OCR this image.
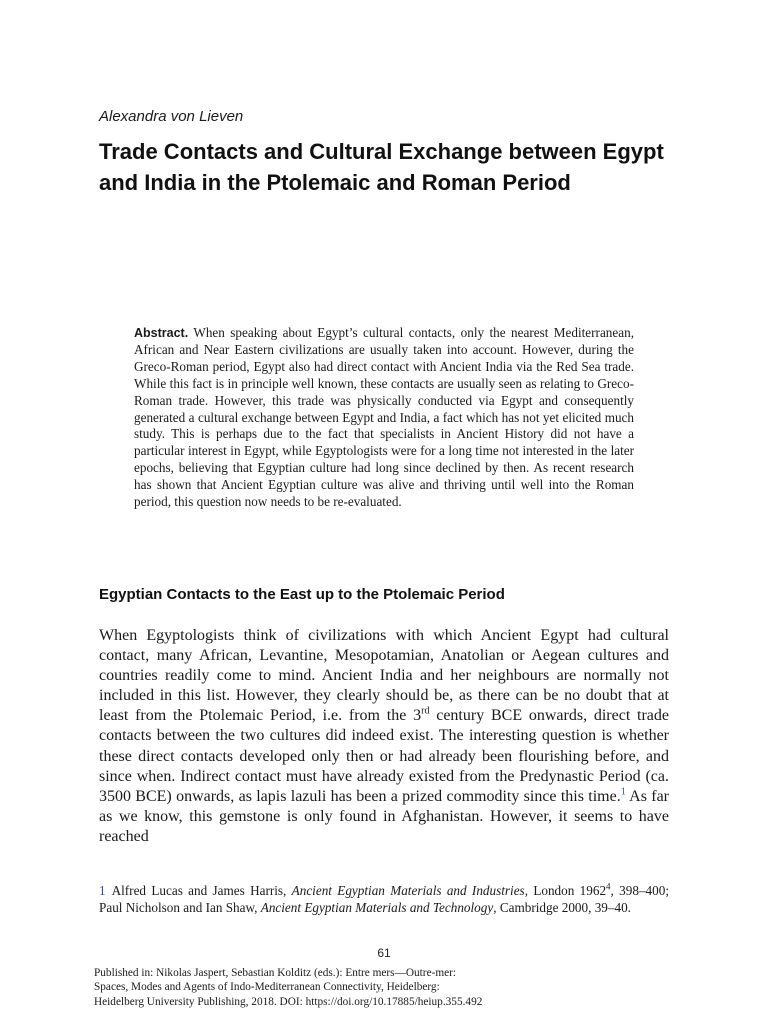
Alexandra von Lieven
Trade Contacts and Cultural Exchange between Egypt and India in the Ptolemaic and Roman Period

Abstract. When speaking about Egypt’s cultural contacts, only the nearest Mediterranean, African and Near Eastern civilizations are usually taken into account. However, during the Greco-Roman period, Egypt also had direct contact with Ancient India via the Red Sea trade. While this fact is in principle well known, these contacts are usually seen as relating to Greco-Roman trade. However, this trade was physically conducted via Egypt and consequently generated a cultural exchange between Egypt and India, a fact which has not yet elicited much study. This is perhaps due to the fact that specialists in Ancient History did not have a particular interest in Egypt, while Egyptologists were for a long time not interested in the later epochs, believing that Egyptian culture had long since declined by then. As recent research has shown that Ancient Egyptian culture was alive and thriving until well into the Roman period, this question now needs to be re-evaluated.

Egyptian Contacts to the East up to the Ptolemaic Period

When Egyptologists think of civilizations with which Ancient Egypt had cultural contact, many African, Levantine, Mesopotamian, Anatolian or Aegean cultures and countries readily come to mind. Ancient India and her neighbours are normally not included in this list. However, they clearly should be, as there can be no doubt that at least from the Ptolemaic Period, i.e. from the 3rd century BCE onwards, direct trade contacts between the two cultures did indeed exist. The interesting question is whether these direct contacts developed only then or had already been flourishing before, and since when. Indirect contact must have already existed from the Predynastic Period (ca. 3500 BCE) onwards, as lapis lazuli has been a prized commodity since this time.$^1$ As far as we know, this gemstone is only found in Afghanistan. However, it seems to have reached

1 Alfred Lucas and James Harris, Ancient Egyptian Materials and Industries, London 1962$^4$, 398–400; Paul Nicholson and Ian Shaw, Ancient Egyptian Materials and Technology, Cambridge 2000, 39–40.

61
Published in: Nikolas Jaspert, Sebastian Kolditz (eds.): Entre mers—Outre-mer:
Spaces, Modes and Agents of Indo-Mediterranean Connectivity, Heidelberg:
Heidelberg University Publishing, 2018. DOI: https://doi.org/10.17885/heiup.355.492
